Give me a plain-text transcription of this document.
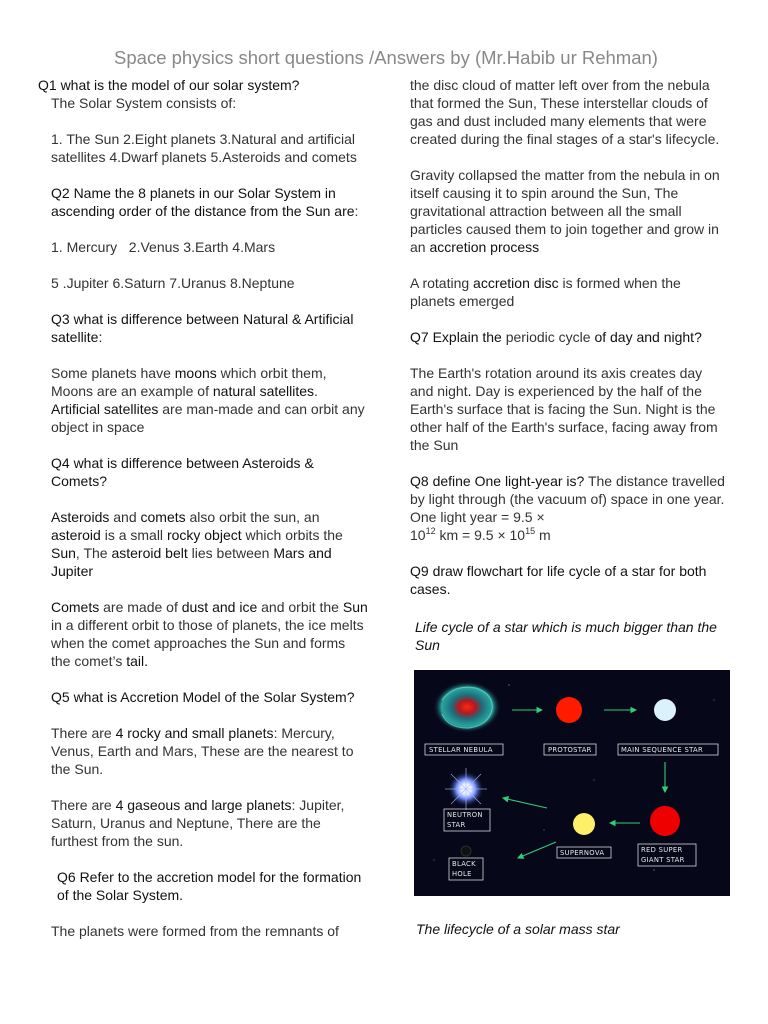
Space physics short questions /Answers by (Mr.Habib ur Rehman)

Q1 what is the model of our solar system?

The Solar System consists of:

1. The Sun 2.Eight planets 3.Natural and artificial satellites 4.Dwarf planets 5.Asteroids and comets

Q2 Name the 8 planets in our Solar System in ascending order of the distance from the Sun are:

1. Mercury   2.Venus 3.Earth 4.Mars

5 .Jupiter 6.Saturn 7.Uranus 8.Neptune

Q3 what is difference between Natural & Artificial satellite:

Some planets have moons which orbit them, Moons are an example of natural satellites. Artificial satellites are man-made and can orbit any object in space

Q4 what is difference between Asteroids & Comets?

Asteroids and comets also orbit the sun, an asteroid is a small rocky object which orbits the Sun, The asteroid belt lies between Mars and Jupiter

Comets are made of dust and ice and orbit the Sun in a different orbit to those of planets, the ice melts when the comet approaches the Sun and forms the comet’s tail.

Q5 what is Accretion Model of the Solar System?

There are 4 rocky and small planets: Mercury, Venus, Earth and Mars, These are the nearest to the Sun.

There are 4 gaseous and large planets: Jupiter, Saturn, Uranus and Neptune, There are the furthest from the sun.

Q6 Refer to the accretion model for the formation of the Solar System.

The planets were formed from the remnants of

the disc cloud of matter left over from the nebula that formed the Sun, These interstellar clouds of gas and dust included many elements that were created during the final stages of a star's lifecycle.

Gravity collapsed the matter from the nebula in on itself causing it to spin around the Sun, The gravitational attraction between all the small particles caused them to join together and grow in an accretion process

A rotating accretion disc is formed when the planets emerged

Q7 Explain the periodic cycle of day and night?

The Earth's rotation around its axis creates day and night. Day is experienced by the half of the Earth's surface that is facing the Sun. Night is the other half of the Earth's surface, facing away from the Sun

Q8 define One light-year is? The distance travelled by light through (the vacuum of) space in one year. One light year = 9.5 ×
$10^{12}$ km = $9.5 \times 10^{15}$ m

Q9 draw flowchart for life cycle of a star for both cases.

Life cycle of a star which is much bigger than the Sun

STELLAR NEBULA	PROTOSTAR	MAIN SEQUENCE STAR
NEUTRON
STAR
SUPERNOVA	RED SUPER
GIANT STAR
BLACK
HOLE

The lifecycle of a solar mass star
